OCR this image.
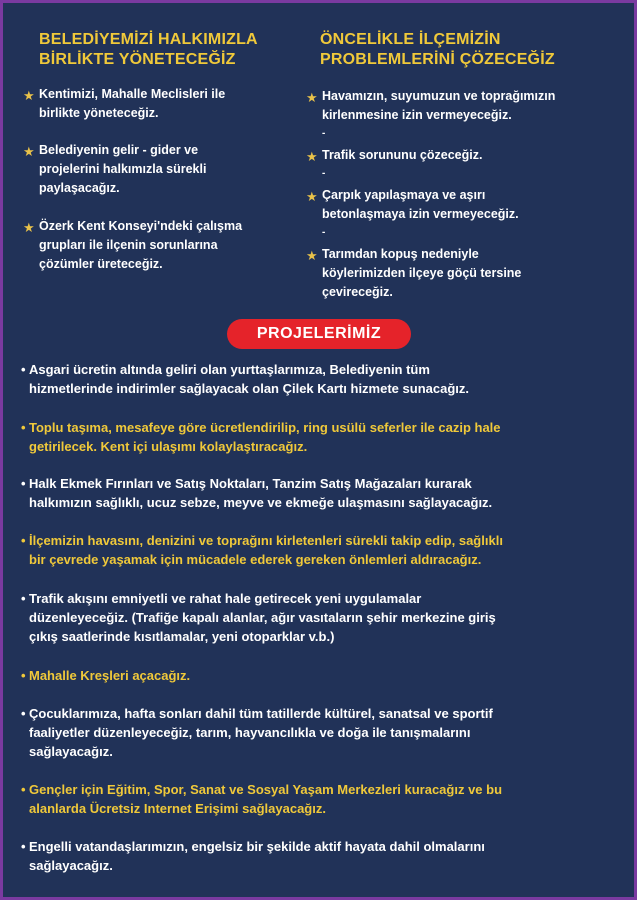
BELEDİYEMİZİ HALKIMIZLA
BİRLİKTE YÖNETECEĞİZ
★ Kentimizi, Mahalle Meclisleri ile
birlikte yöneteceğiz.
★ Belediyenin gelir - gider ve
projelerini halkımızla sürekli
paylaşacağız.
★ Özerk Kent Konseyi'ndeki çalışma
grupları ile ilçenin sorunlarına
çözümler üreteceğiz.
ÖNCELİKLE İLÇEMİZİN
PROBLEMLERİNİ ÇÖZECEĞİZ
★ Havamızın, suyumuzun ve toprağımızın
kirlenmesine izin vermeyeceğiz.
-
★ Trafik sorununu çözeceğiz.
-
★ Çarpık yapılaşmaya ve aşırı
betonlaşmaya izin vermeyeceğiz.
-
★ Tarımdan kopuş nedeniyle
köylerimizden ilçeye göçü tersine
çevireceğiz.
PROJELERİMİZ
• Asgari ücretin altında geliri olan yurttaşlarımıza, Belediyenin tüm
hizmetlerinde indirimler sağlayacak olan Çilek Kartı hizmete sunacağız.
• Toplu taşıma, mesafeye göre ücretlendirilip, ring usülü seferler ile cazip hale
getirilecek. Kent içi ulaşımı kolaylaştıracağız.
• Halk Ekmek Fırınları ve Satış Noktaları, Tanzim Satış Mağazaları kurarak
halkımızın sağlıklı, ucuz sebze, meyve ve ekmeğe ulaşmasını sağlayacağız.
• İlçemizin havasını, denizini ve toprağını kirletenleri sürekli takip edip, sağlıklı
bir çevrede yaşamak için mücadele ederek gereken önlemleri aldıracağız.
• Trafik akışını emniyetli ve rahat hale getirecek yeni uygulamalar
düzenleyeceğiz. (Trafiğe kapalı alanlar, ağır vasıtaların şehir merkezine giriş
çıkış saatlerinde kısıtlamalar, yeni otoparklar v.b.)
• Mahalle Kreşleri açacağız.
• Çocuklarımıza, hafta sonları dahil tüm tatillerde kültürel, sanatsal ve sportif
faaliyetler düzenleyeceğiz, tarım, hayvancılıkla ve doğa ile tanışmalarını
sağlayacağız.
• Gençler için Eğitim, Spor, Sanat ve Sosyal Yaşam Merkezleri kuracağız ve bu
alanlarda Ücretsiz Internet Erişimi sağlayacağız.
• Engelli vatandaşlarımızın, engelsiz bir şekilde aktif hayata dahil olmalarını
sağlayacağız.
